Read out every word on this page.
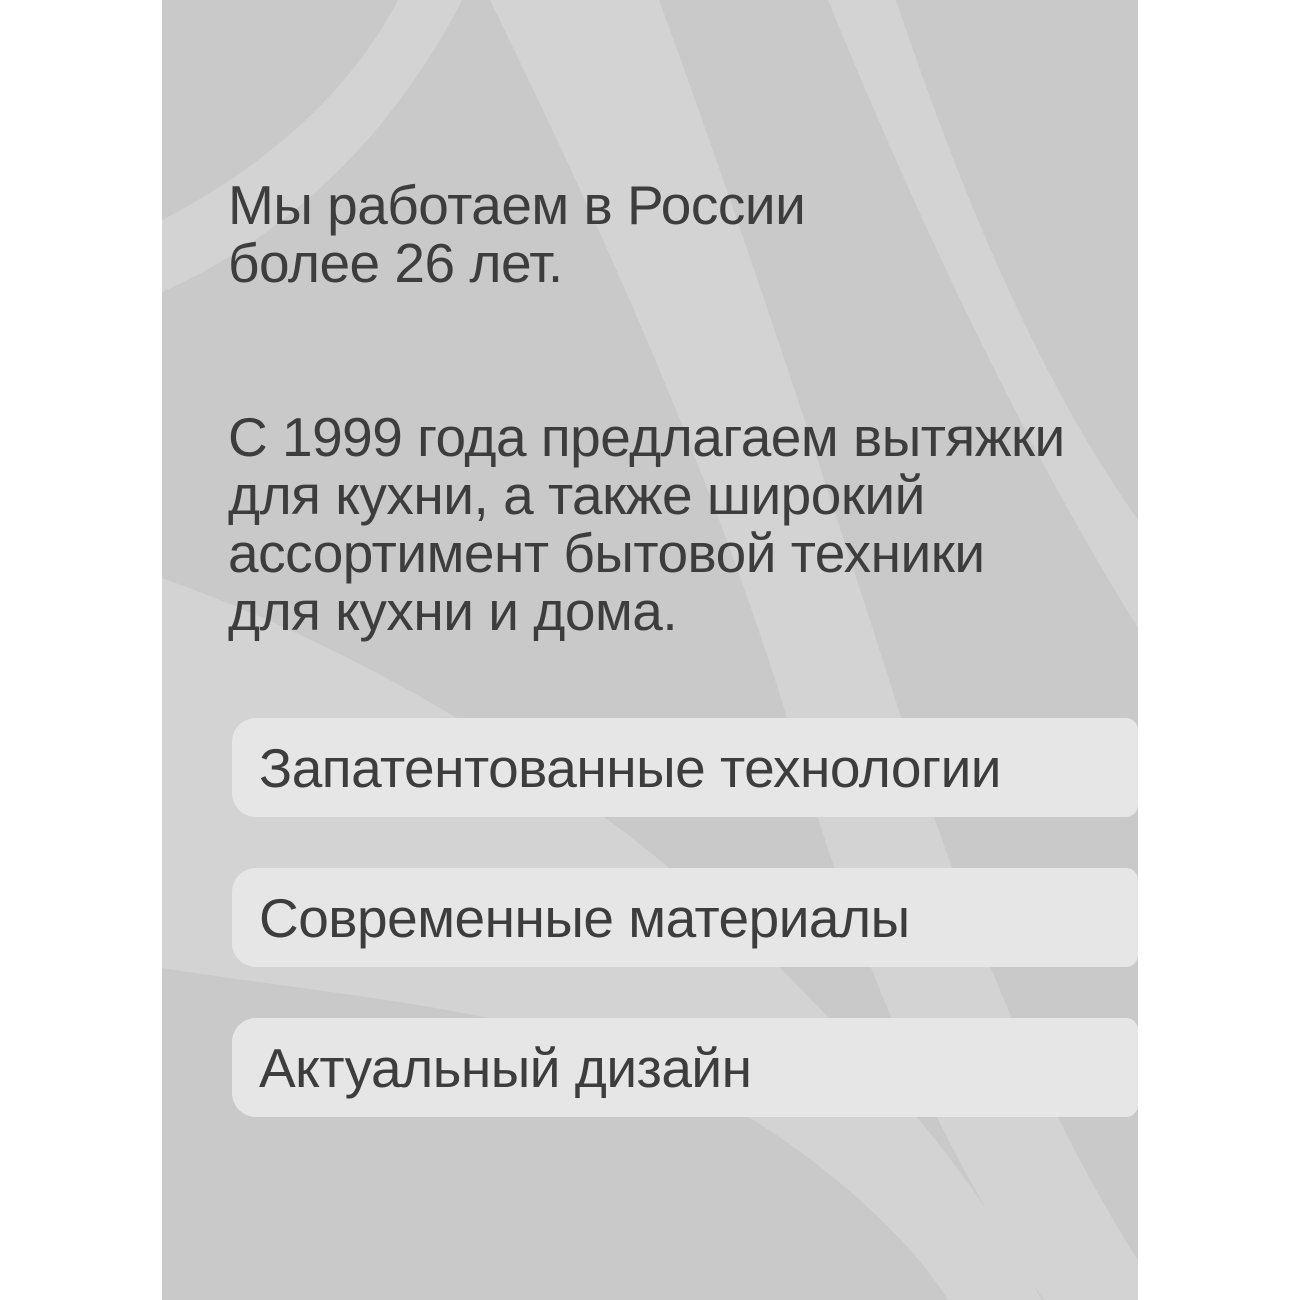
Мы работаем в России
более 26 лет.
С 1999 года предлагаем вытяжки
для кухни, а также широкий
ассортимент бытовой техники
для кухни и дома.
Запатентованные технологии
Современные материалы
Актуальный дизайн
